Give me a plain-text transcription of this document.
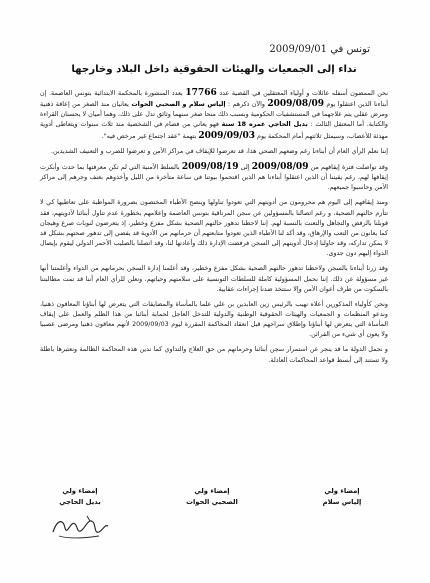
تونس في 2009/09/01
نداء إلى الجمعيات والهيئات الحقوقية داخل البلاد وخارجها

نحن الممضون أسفله عائلات و أولياء المعتقلين في القضية عدد 17766 بعدد المنشورة بالمحكمة الابتدائية بتونس العاصمة. إن أبناءنا الذين اعتقلوا يوم 2009/08/09 والآن ذكرهم : إلياس سلام و الصحبي الحوات يعانيان منذ الصغر من إعاقة ذهنية ومرض عقلي يتم علاجهما في المستشفيات الحكومية وبسبب ذلك منحا صغر سنهما وثائق تدل على ذلك، وهما أميان لا يحسنان القراءة والكتابة. أما المعتقل الثالث : بديل الحاجي عمره 18 سنة فهو يعاني من فصام في الشخصية منذ ثلاث سنوات ويتعاطى أدوية مهدئة للأعصاب، وسيمثل ثلاثتهم أمام المحكمة يوم 2009/09/03 بتهمة "عقد اجتماع غير مرخص فيه".

إننا نعلم الرأي العام أن أبناءنا رغم وضعهم الصحي هذا، قد تعرضوا للإيقاف في مراكز الأمن و تعرضوا للضرب و التعنيف الشديدين.

وقد تواصلت فترة إيقافهم من 2009/08/09 إلى 2009/08/19 بالسلط الأمنية التي لم تكن معرفتها بما حدث وأنكرت إيقافها لهم، رغم يقيننا أن الذين اعتقلوا أبناءنا هم الذين اقتحموا بيوتنا في ساعة متأخرة من الليل وأخذوهم بعنف وجرهم إلى مراكز الأمن وحاسبوا جميعهم.

ومنذ إيقافهم إلى اليوم هم محرومون من أدويتهم التي تعودوا تناولها وينصح الأطباء المختصون بضرورة المواظبة على تعاطيها كي لا تتأزم حالتهم الصحية، و رغم اتصالنا بالمسؤولين عن سجن المرناقية بتونس العاصمة وإعلامهم بخطورة عدم تناول أبنائنا لأدويتهم، فقد قوبلنا بالرفض والتجاهل والتعنت بالنسبة لهم. إننا لاحظنا تدهور حالتهم الصحية بشكل مفزع وخطير، إذ يتعرضون لنوبات صرع وهيجان كما يعانون من التعب والإرهاق، وقد أكد لنا الأطباء الذين تعودوا متابعتهم أن حرمانهم من الأدوية قد يفضي إلى تدهور صحتهم بشكل قد لا يمكن تداركه، وقد حاولنا إدخال أدويتهم إلى السجن فرفضت الإدارة ذلك وأعادتها لنا، وقد اتصلنا بالصليب الأحمر الدولي ليقوم بإيصال الدواء إليهم دون جدوى.

وقد زرنا أبناءنا بالسجن ولاحظنا تدهور حالتهم الصحية بشكل مفزع وخطير، وقد أعلمنا إدارة السجن بحرمانهم من الدواء وأعلمتنا أنها غير مسؤولة عن ذلك. إننا نحمل المسؤولية كاملة للسلطات التونسية على سلامتهم وحياتهم، ونعلن للرأي العام أننا قد تمت مطالبتنا بالسكوت من طرف أعوان الأمن وإلا ستتخذ ضدنا إجراءات عقابية.

ونحن كأولياء المذكورين أعلاه نهيب بالرئيس زين العابدين بن علي علما بالمأساة والمضايقات التي يتعرض لها أبناؤنا المعاقون ذهنيا، وندعو المنظمات و الجمعيات والهيئات الحقوقية الوطنية والدولية للتدخل العاجل لحماية أبنائنا من هذا الظلم والعمل على إيقاف المأساة التي يتعرض لها أبناؤنا وإطلاق سراحهم قبل انعقاد المحاكمة المقررة ليوم 2009/09/03 لأنهم معاقون ذهنيا ومرضى عصبيا ولا يعون أي شيء من القرائن.

و نحمل الدولة ما قد ينجر عن استمرار سجن أبنائنا وحرمانهم من حق العلاج والتداوي كما ندين هذه المحاكمة الظالمة ونعتبرها باطلة ولا تستند إلى أبسط قواعد المحاكمات العادلة.

إمضاء ولي
إلياس سلام
إمضاء ولي
الصحبي الحوات
إمضاء ولي
بديل الحاجي
